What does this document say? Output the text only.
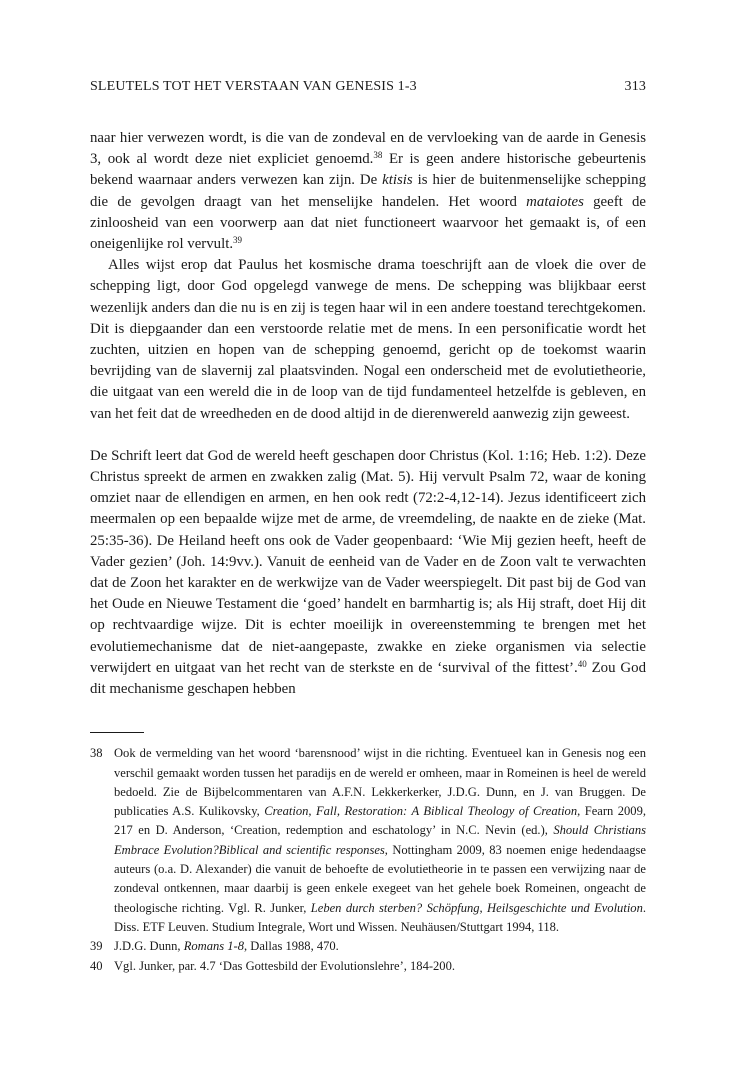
SLEUTELS TOT HET VERSTAAN VAN GENESIS 1-3	313

naar hier verwezen wordt, is die van de zondeval en de vervloeking van de aarde in Genesis 3, ook al wordt deze niet expliciet genoemd.$^{38}$ Er is geen andere historische gebeurtenis bekend waarnaar anders verwezen kan zijn. De ktisis is hier de buitenmenselijke schepping die de gevolgen draagt van het menselijke handelen. Het woord mataiotes geeft de zinloosheid van een voorwerp aan dat niet functioneert waarvoor het gemaakt is, of een oneigenlijke rol vervult.$^{39}$

Alles wijst erop dat Paulus het kosmische drama toeschrijft aan de vloek die over de schepping ligt, door God opgelegd vanwege de mens. De schepping was blijkbaar eerst wezenlijk anders dan die nu is en zij is tegen haar wil in een andere toestand terechtgekomen. Dit is diepgaander dan een verstoorde relatie met de mens. In een personificatie wordt het zuchten, uitzien en hopen van de schepping genoemd, gericht op de toekomst waarin bevrijding van de slavernij zal plaatsvinden. Nogal een onderscheid met de evolutietheorie, die uitgaat van een wereld die in de loop van de tijd fundamenteel hetzelfde is gebleven, en van het feit dat de wreedheden en de dood altijd in de dierenwereld aanwezig zijn geweest.

De Schrift leert dat God de wereld heeft geschapen door Christus (Kol. 1:16; Heb. 1:2). Deze Christus spreekt de armen en zwakken zalig (Mat. 5). Hij vervult Psalm 72, waar de koning omziet naar de ellendigen en armen, en hen ook redt (72:2-4,12-14). Jezus identificeert zich meermalen op een bepaalde wijze met de arme, de vreemdeling, de naakte en de zieke (Mat. 25:35-36). De Heiland heeft ons ook de Vader geopenbaard: ‘Wie Mij gezien heeft, heeft de Vader gezien’ (Joh. 14:9vv.). Vanuit de eenheid van de Vader en de Zoon valt te verwachten dat de Zoon het karakter en de werkwijze van de Vader weerspiegelt. Dit past bij de God van het Oude en Nieuwe Testament die ‘goed’ handelt en barmhartig is; als Hij straft, doet Hij dit op rechtvaardige wijze. Dit is echter moeilijk in overeenstemming te brengen met het evolutiemechanisme dat de niet-aangepaste, zwakke en zieke organismen via selectie verwijdert en uitgaat van het recht van de sterkste en de ‘survival of the fittest’.$^{40}$ Zou God dit mechanisme geschapen hebben

38 Ook de vermelding van het woord ‘barensnood’ wijst in die richting. Eventueel kan in Genesis nog een verschil gemaakt worden tussen het paradijs en de wereld er omheen, maar in Romeinen is heel de wereld bedoeld. Zie de Bijbelcommentaren van A.F.N. Lekkerkerker, J.D.G. Dunn, en J. van Bruggen. De publicaties A.S. Kulikovsky, Creation, Fall, Restoration: A Biblical Theology of Creation, Fearn 2009, 217 en D. Anderson, ‘Creation, redemption and eschatology’ in N.C. Nevin (ed.), Should Christians Embrace Evolution?Biblical and scientific responses, Nottingham 2009, 83 noemen enige hedendaagse auteurs (o.a. D. Alexander) die vanuit de behoefte de evolutietheorie in te passen een verwijzing naar de zondeval ontkennen, maar daarbij is geen enkele exegeet van het gehele boek Romeinen, ongeacht de theologische richting. Vgl. R. Junker, Leben durch sterben? Schöpfung, Heilsgeschichte und Evolution. Diss. ETF Leuven. Studium Integrale, Wort und Wissen. Neuhäusen/Stuttgart 1994, 118.
39 J.D.G. Dunn, Romans 1-8, Dallas 1988, 470.
40 Vgl. Junker, par. 4.7 ‘Das Gottesbild der Evolutionslehre’, 184-200.
